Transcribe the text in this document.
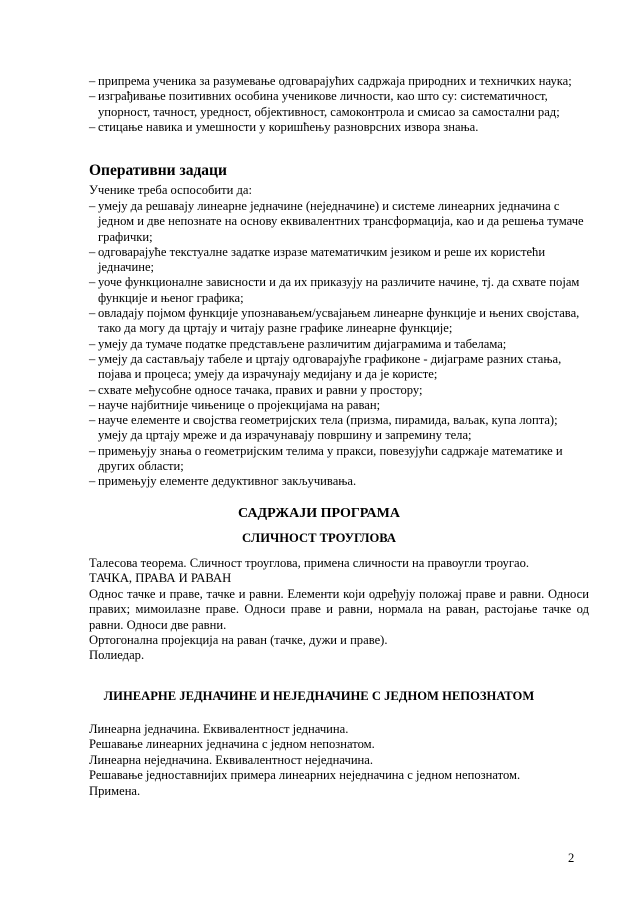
– припрема ученика за разумевање одговарајућих садржаја природних и техничких наука;
– изграђивање позитивних особина ученикове личности, као што су: систематичност, упорност, тачност, уредност, објективност, самоконтрола и смисао за самостални рад;
– стицање навика и умешности у коришћењу разноврсних извора знања.
Оперативни задаци
Ученике треба оспособити да:
– умеју да решавају линеарне једначине (неједначине) и системе линеарних једначина с једном и две непознате на основу еквивалентних трансформација, као и да решења тумаче графички;
– одговарајуће текстуалне задатке изразе математичким језиком и реше их користећи једначине;
– уоче функционалне зависности и да их приказују на различите начине, тј. да схвате појам функције и њеног графика;
– овладају појмом функције упознавањем/усвајањем линеарне функције и њених својстава, тако да могу да цртају и читају разне графике линеарне функције;
– умеју да тумаче податке представљене различитим дијаграмима и табелама;
– умеју да састављају табеле и цртају одговарајуће графиконе - дијаграме разних стања, појава и процеса; умеју да израчунају медијану и да је користе;
– схвате међусобне односе тачака, правих и равни у простору;
– науче најбитније чињенице о пројекцијама на раван;
– науче елементе и својства геометријских тела (призма, пирамида, ваљак, купа лопта); умеју да цртају мреже и да израчунавају површину и запремину тела;
– примењују знања о геометријским телима у пракси, повезујући садржаје математике и других области;
– примењују елементе дедуктивног закључивања.
САДРЖАЈИ ПРОГРАМА
СЛИЧНОСТ ТРОУГЛОВА
Талесова теорема. Сличност троуглова, примена сличности на правоугли троугао.
ТАЧКА, ПРАВА И РАВАН
Однос тачке и праве, тачке и равни. Елементи који одређују положај праве и равни. Односи правих; мимоилазне праве. Односи праве и равни, нормала на раван, растојање тачке од равни. Односи две равни.
Ортогонална пројекција на раван (тачке, дужи и праве).
Полиедар.
ЛИНЕАРНЕ ЈЕДНАЧИНЕ И НЕЈЕДНАЧИНЕ С ЈЕДНОМ НЕПОЗНАТОМ
Линеарна једначина. Еквивалентност једначина.
Решавање линеарних једначина с једном непознатом.
Линеарна неједначина. Еквивалентност неједначина.
Решавање једноставнијих примера линеарних неједначина с једном непознатом.
Примена.
2
